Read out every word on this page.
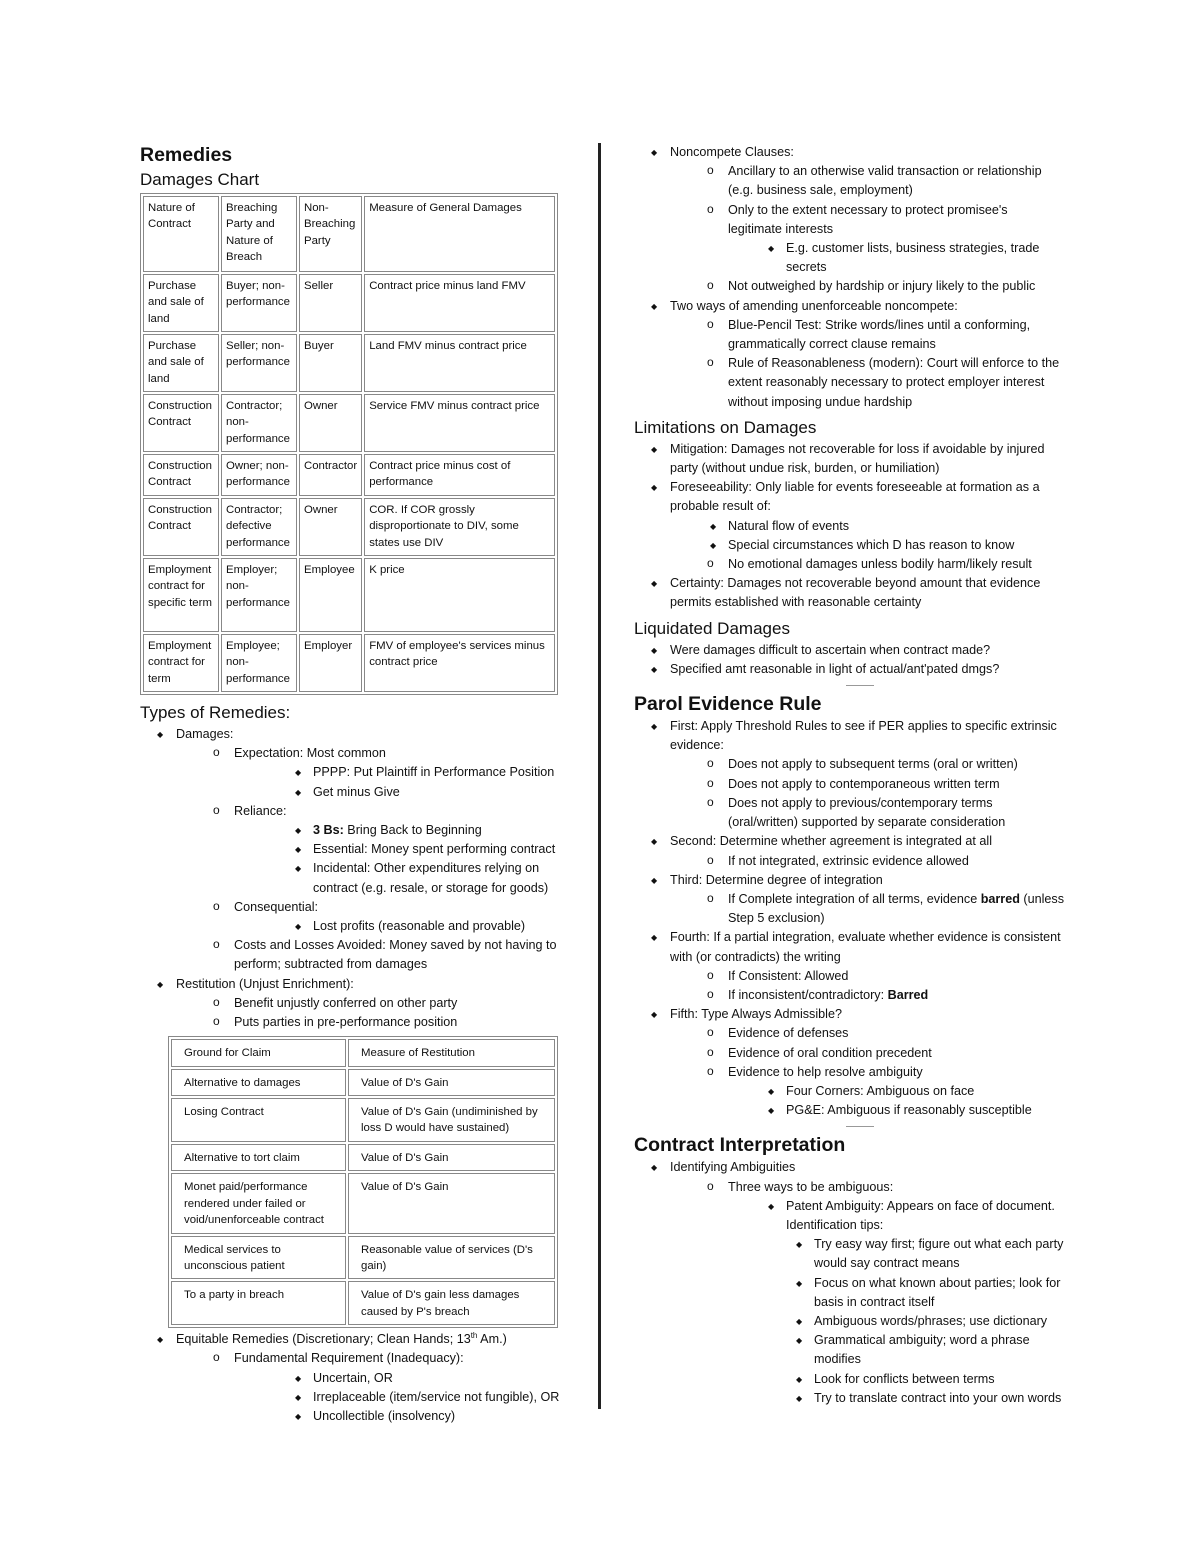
Remedies
Damages Chart
Nature of Contract	Breaching Party and Nature of Breach	Non-Breaching Party	Measure of General Damages
Purchase and sale of land	Buyer; non-performance	Seller	Contract price minus land FMV
Purchase and sale of land	Seller; non-performance	Buyer	Land FMV minus contract price
Construction Contract	Contractor; non-performance	Owner	Service FMV minus contract price
Construction Contract	Owner; non-performance	Contractor	Contract price minus cost of performance
Construction Contract	Contractor; defective performance	Owner	COR. If COR grossly disproportionate to DIV, some states use DIV
Employment contract for specific term	Employer; non-performance	Employee	K price
Employment contract for term	Employee; non-performance	Employer	FMV of employee's services minus contract price
Types of Remedies:
◆ Damages:
o Expectation: Most common
◆ PPPP: Put Plaintiff in Performance Position
◆ Get minus Give
o Reliance:
◆ 3 Bs: Bring Back to Beginning
◆ Essential: Money spent performing contract
◆ Incidental: Other expenditures relying on contract (e.g. resale, or storage for goods)
o Consequential:
◆ Lost profits (reasonable and provable)
o Costs and Losses Avoided: Money saved by not having to perform; subtracted from damages
◆ Restitution (Unjust Enrichment):
o Benefit unjustly conferred on other party
o Puts parties in pre-performance position
Ground for Claim	Measure of Restitution
Alternative to damages	Value of D's Gain
Losing Contract	Value of D's Gain (undiminished by loss D would have sustained)
Alternative to tort claim	Value of D's Gain
Monet paid/performance rendered under failed or void/unenforceable contract	Value of D's Gain
Medical services to unconscious patient	Reasonable value of services (D's gain)
To a party in breach	Value of D's gain less damages caused by P's breach
◆ Equitable Remedies (Discretionary; Clean Hands; 13th Am.)
o Fundamental Requirement (Inadequacy):
◆ Uncertain, OR
◆ Irreplaceable (item/service not fungible), OR
◆ Uncollectible (insolvency)
◆ Noncompete Clauses:
o Ancillary to an otherwise valid transaction or relationship (e.g. business sale, employment)
o Only to the extent necessary to protect promisee's legitimate interests
◆ E.g. customer lists, business strategies, trade secrets
o Not outweighed by hardship or injury likely to the public
◆ Two ways of amending unenforceable noncompete:
o Blue-Pencil Test: Strike words/lines until a conforming, grammatically correct clause remains
o Rule of Reasonableness (modern): Court will enforce to the extent reasonably necessary to protect employer interest without imposing undue hardship
Limitations on Damages
◆ Mitigation: Damages not recoverable for loss if avoidable by injured party (without undue risk, burden, or humiliation)
◆ Foreseeability: Only liable for events foreseeable at formation as a probable result of:
◆ Natural flow of events
◆ Special circumstances which D has reason to know
o No emotional damages unless bodily harm/likely result
◆ Certainty: Damages not recoverable beyond amount that evidence permits established with reasonable certainty
Liquidated Damages
◆ Were damages difficult to ascertain when contract made?
◆ Specified amt reasonable in light of actual/ant'pated dmgs?
Parol Evidence Rule
◆ First: Apply Threshold Rules to see if PER applies to specific extrinsic evidence:
o Does not apply to subsequent terms (oral or written)
o Does not apply to contemporaneous written term
o Does not apply to previous/contemporary terms (oral/written) supported by separate consideration
◆ Second: Determine whether agreement is integrated at all
o If not integrated, extrinsic evidence allowed
◆ Third: Determine degree of integration
o If Complete integration of all terms, evidence barred (unless Step 5 exclusion)
◆ Fourth: If a partial integration, evaluate whether evidence is consistent with (or contradicts) the writing
o If Consistent: Allowed
o If inconsistent/contradictory: Barred
◆ Fifth: Type Always Admissible?
o Evidence of defenses
o Evidence of oral condition precedent
o Evidence to help resolve ambiguity
◆ Four Corners: Ambiguous on face
◆ PG&E: Ambiguous if reasonably susceptible
Contract Interpretation
◆ Identifying Ambiguities
o Three ways to be ambiguous:
◆ Patent Ambiguity: Appears on face of document. Identification tips:
◆ Try easy way first; figure out what each party would say contract means
◆ Focus on what known about parties; look for basis in contract itself
◆ Ambiguous words/phrases; use dictionary
◆ Grammatical ambiguity; word a phrase modifies
◆ Look for conflicts between terms
◆ Try to translate contract into your own words
